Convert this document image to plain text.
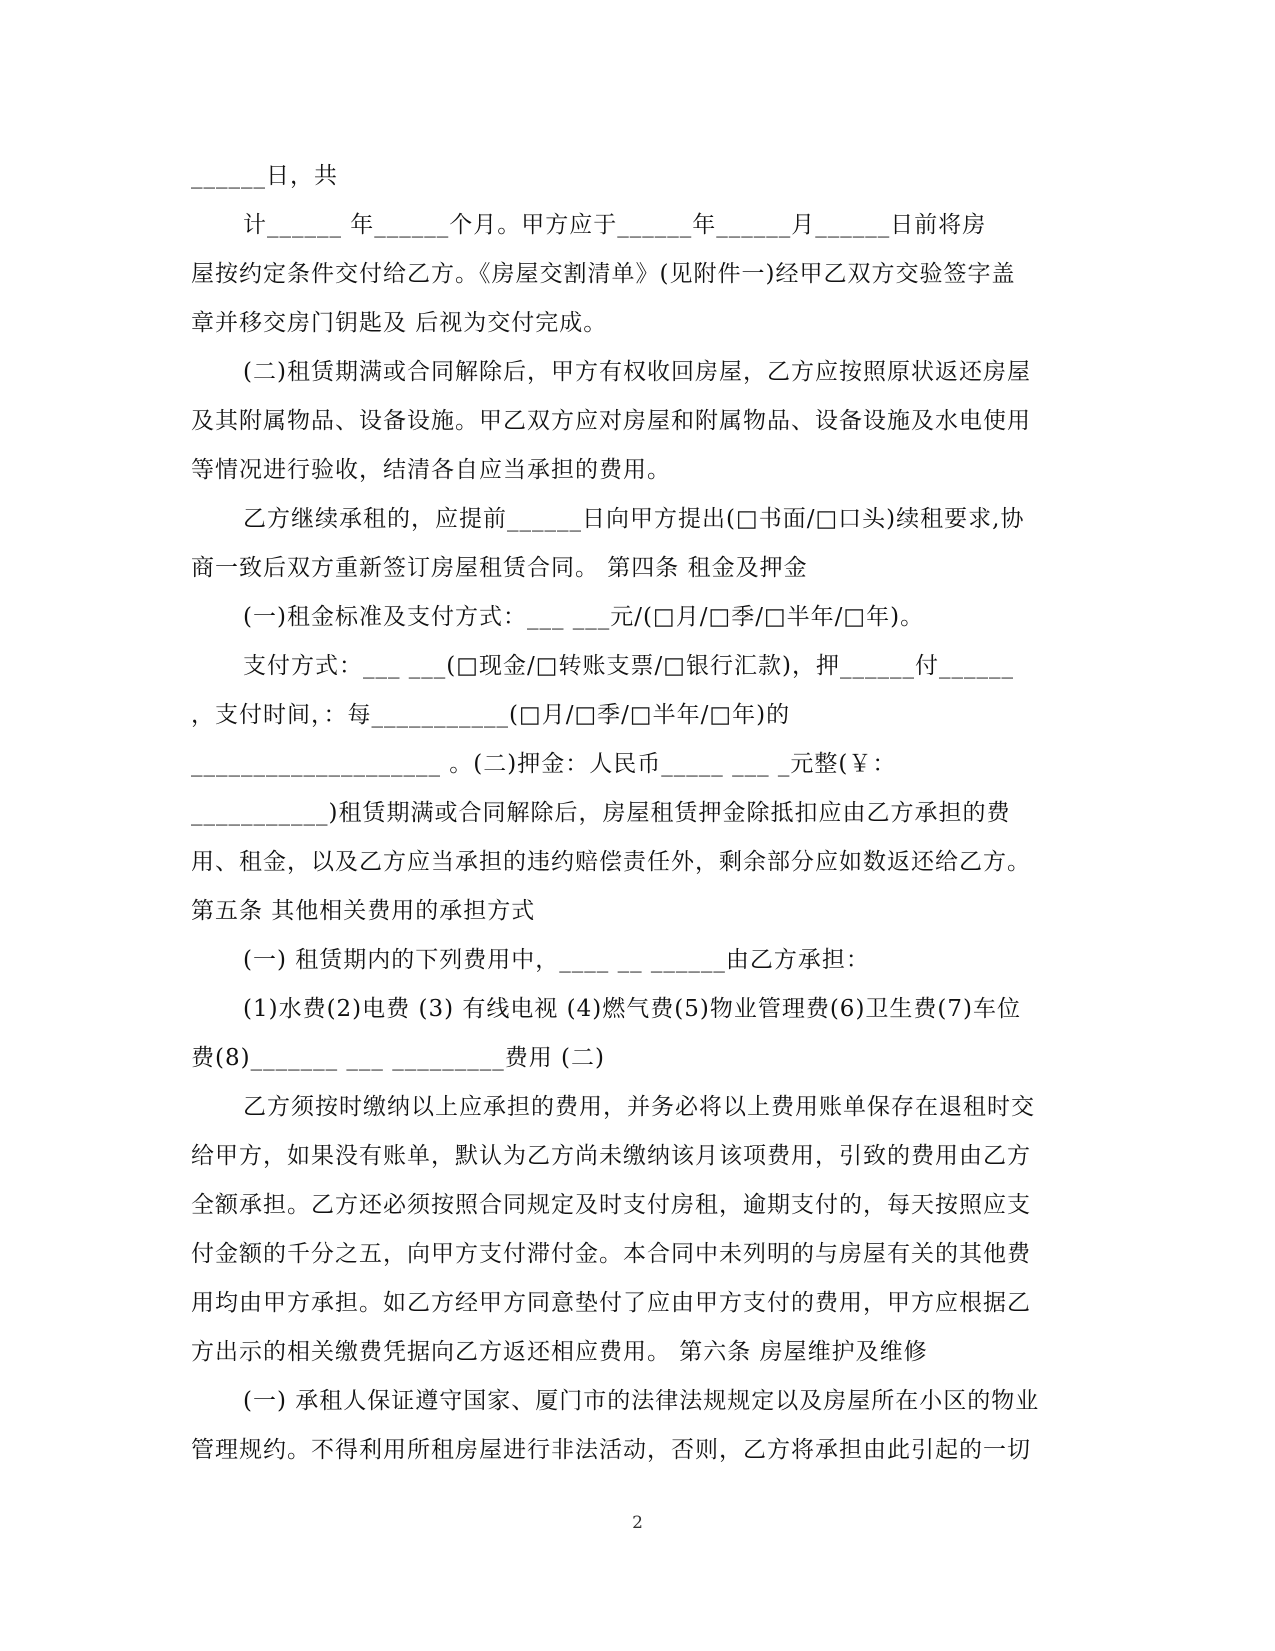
______日，共
计______ 年______个月。甲方应于______年______月______日前将房
屋按约定条件交付给乙方。《房屋交割清单》(见附件一)经甲乙双方交验签字盖
章并移交房门钥匙及 后视为交付完成。
(二)租赁期满或合同解除后，甲方有权收回房屋，乙方应按照原状返还房屋
及其附属物品、设备设施。甲乙双方应对房屋和附属物品、设备设施及水电使用
等情况进行验收，结清各自应当承担的费用。
乙方继续承租的，应提前______日向甲方提出(□书面/□口头)续租要求,协
商一致后双方重新签订房屋租赁合同。 第四条 租金及押金
(一)租金标准及支付方式：___ ___元/(□月/□季/□半年/□年)。
支付方式：___ ___(□现金/□转账支票/□银行汇款)，押______付______
，支付时间，：每___________(□月/□季/□半年/□年)的
____________________ 。(二)押金：人民币_____ ___ _元整(￥：
___________)租赁期满或合同解除后，房屋租赁押金除抵扣应由乙方承担的费
用、租金，以及乙方应当承担的违约赔偿责任外，剩余部分应如数返还给乙方。
第五条 其他相关费用的承担方式
(一) 租赁期内的下列费用中，____ __ ______由乙方承担：
(1)水费(2)电费 (3) 有线电视 (4)燃气费(5)物业管理费(6)卫生费(7)车位
费(8)_______ ___ _________费用 (二)
乙方须按时缴纳以上应承担的费用，并务必将以上费用账单保存在退租时交
给甲方，如果没有账单，默认为乙方尚未缴纳该月该项费用，引致的费用由乙方
全额承担。乙方还必须按照合同规定及时支付房租，逾期支付的，每天按照应支
付金额的千分之五，向甲方支付滞付金。本合同中未列明的与房屋有关的其他费
用均由甲方承担。如乙方经甲方同意垫付了应由甲方支付的费用，甲方应根据乙
方出示的相关缴费凭据向乙方返还相应费用。 第六条 房屋维护及维修
(一) 承租人保证遵守国家、厦门市的法律法规规定以及房屋所在小区的物业
管理规约。不得利用所租房屋进行非法活动，否则，乙方将承担由此引起的一切
2
